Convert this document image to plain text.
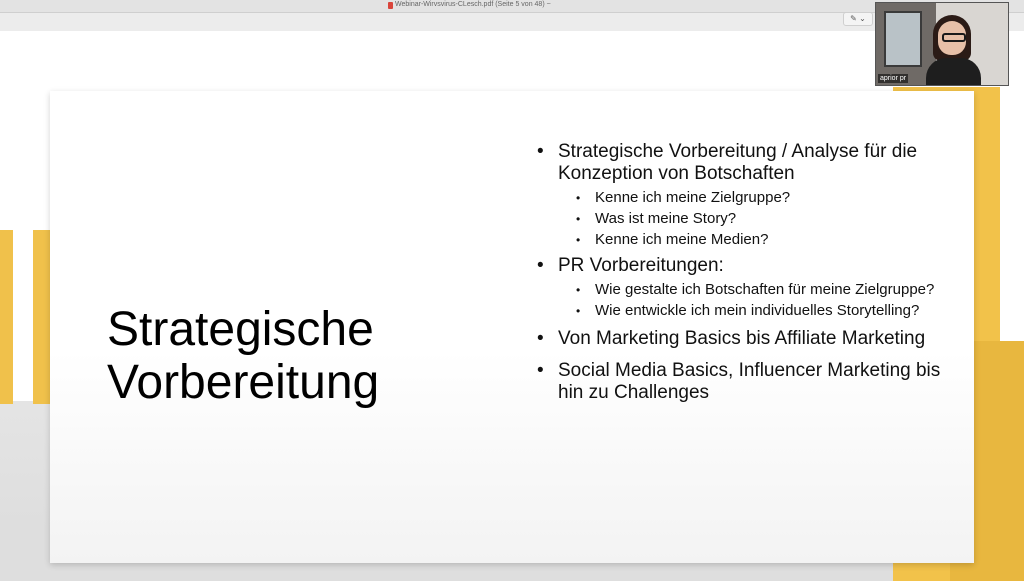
Webinar-Wirvsvirus-CLesch.pdf (Seite 5 von 48) ~
✎ ⌄
Strategische
Vorbereitung
• Strategische Vorbereitung / Analyse für die Konzeption von Botschaften
• Kenne ich meine Zielgruppe?
• Was ist meine Story?
• Kenne ich meine Medien?
• PR Vorbereitungen:
• Wie gestalte ich Botschaften für meine Zielgruppe?
• Wie entwickle ich mein individuelles Storytelling?
• Von Marketing Basics bis Affiliate Marketing
• Social Media Basics, Influencer Marketing bis hin zu Challenges
aprior pr
